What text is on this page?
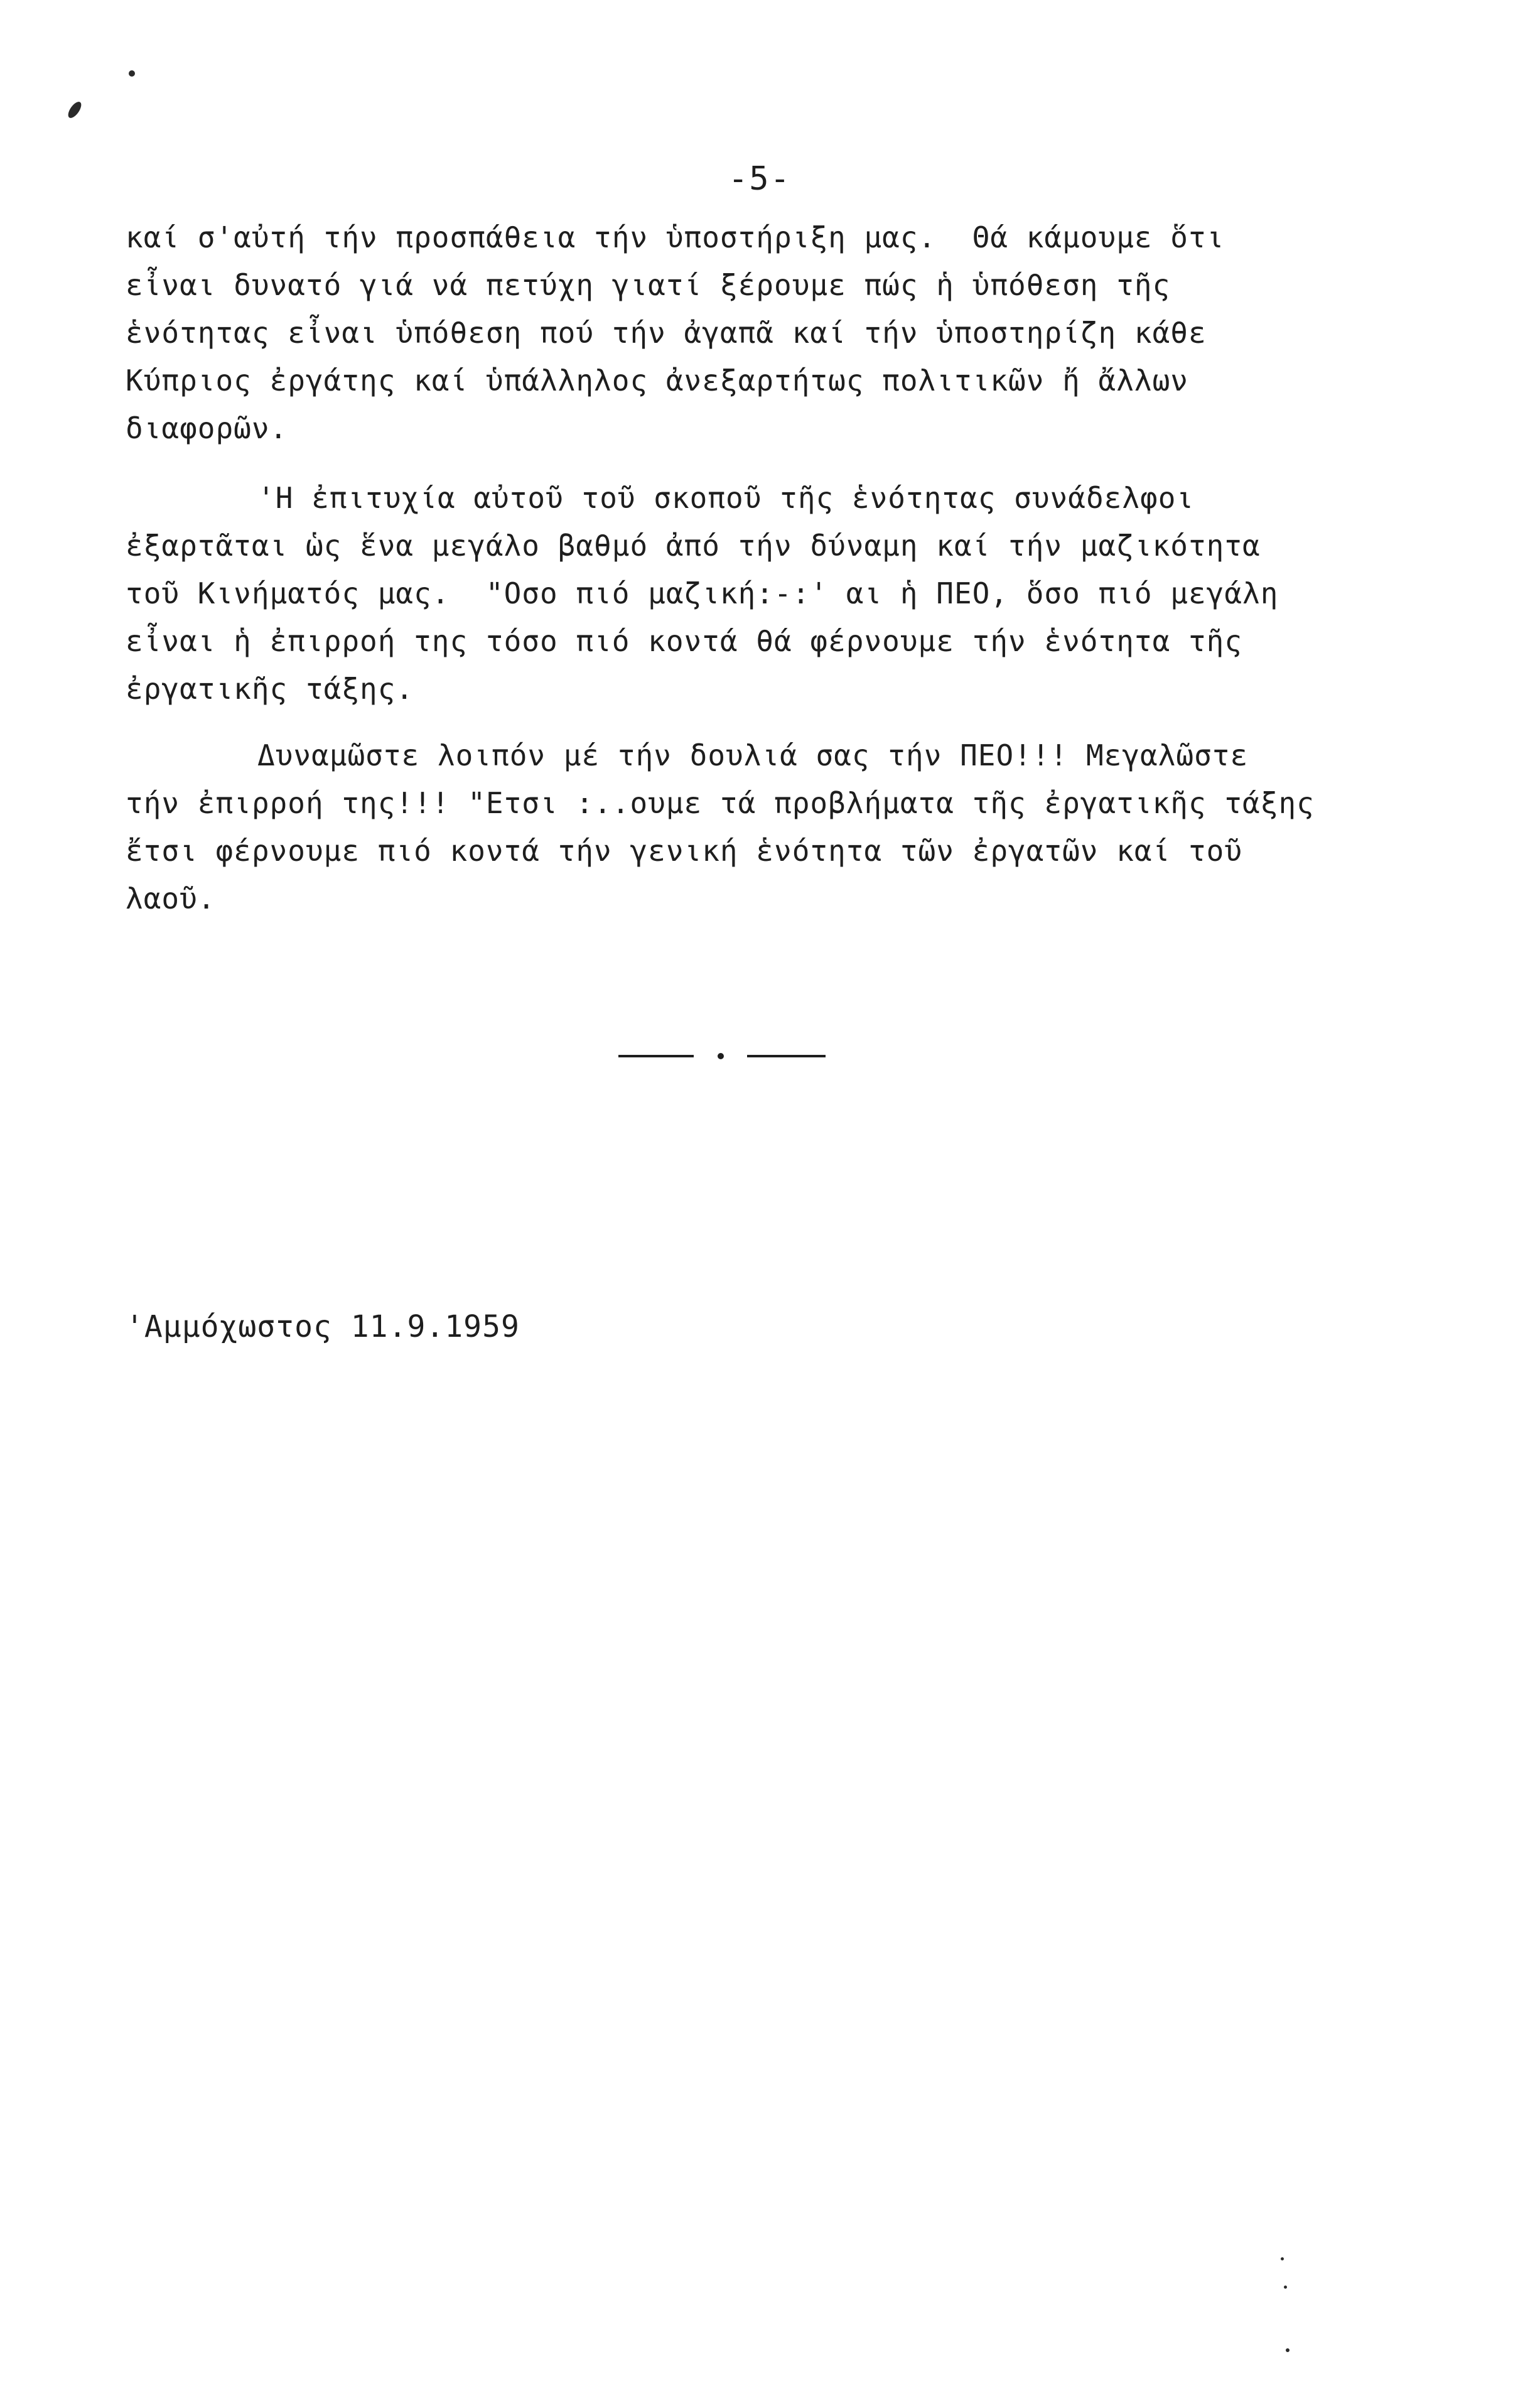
-5-
καί σ'αὐτή τήν προσπάθεια τήν ὑποστήριξη μας.  Θά κάμουμε ὅτι
εἶναι δυνατό γιά νά πετύχη γιατί ξέρουμε πώς ἡ ὑπόθεση τῆς
ἑνότητας εἶναι ὑπόθεση πού τήν ἀγαπᾶ καί τήν ὑποστηρίζη κάθε
Κύπριος ἐργάτης καί ὑπάλληλος ἀνεξαρτήτως πολιτικῶν ἤ ἄλλων
διαφορῶν.
'Η ἐπιτυχία αὐτοῦ τοῦ σκοποῦ τῆς ἑνότητας συνάδελφοι
ἐξαρτᾶται ὡς ἕνα μεγάλο βαθμό ἀπό τήν δύναμη καί τήν μαζικότητα
τοῦ Κινήματός μας.  "Οσο πιό μαζική:-:' αι ἡ ΠΕΟ, ὅσο πιό μεγάλη
εἶναι ἡ ἐπιρροή της τόσο πιό κοντά θά φέρνουμε τήν ἑνότητα τῆς
ἐργατικῆς τάξης.
Δυναμῶστε λοιπόν μέ τήν δουλιά σας τήν ΠΕΟ!!! Μεγαλῶστε
τήν ἐπιρροή της!!! "Ετσι :..ουμε τά προβλήματα τῆς ἐργατικῆς τάξης
ἔτσι φέρνουμε πιό κοντά τήν γενική ἑνότητα τῶν ἐργατῶν καί τοῦ
λαοῦ.
'Αμμόχωστος 11.9.1959
